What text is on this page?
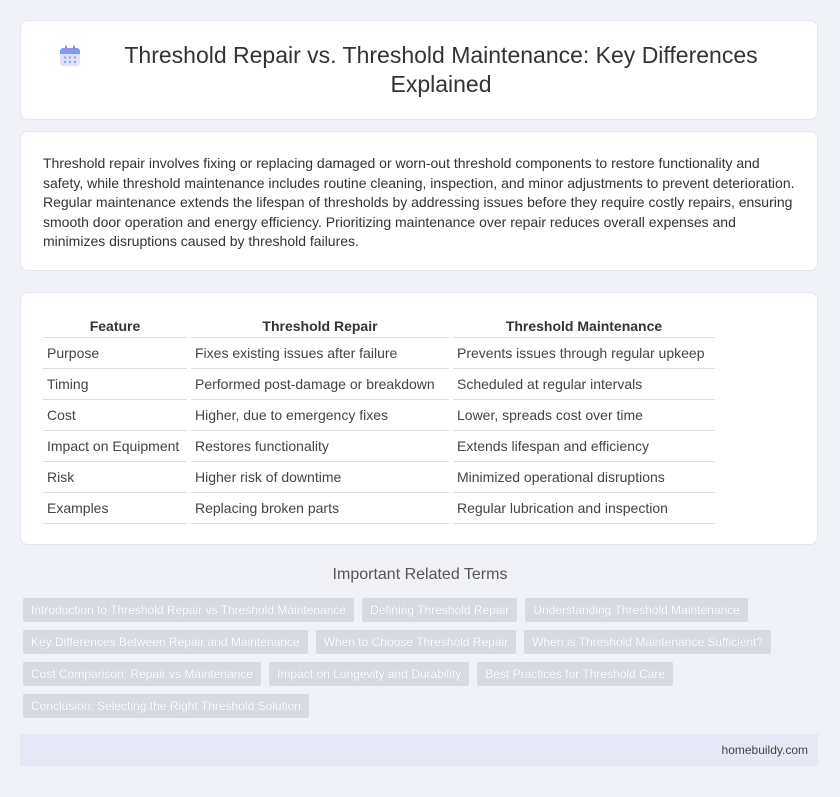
Threshold Repair vs. Threshold Maintenance: Key Differences Explained

Threshold repair involves fixing or replacing damaged or worn-out threshold components to restore functionality and safety, while threshold maintenance includes routine cleaning, inspection, and minor adjustments to prevent deterioration. Regular maintenance extends the lifespan of thresholds by addressing issues before they require costly repairs, ensuring smooth door operation and energy efficiency. Prioritizing maintenance over repair reduces overall expenses and minimizes disruptions caused by threshold failures.

Feature	Threshold Repair	Threshold Maintenance
Purpose	Fixes existing issues after failure	Prevents issues through regular upkeep
Timing	Performed post-damage or breakdown	Scheduled at regular intervals
Cost	Higher, due to emergency fixes	Lower, spreads cost over time
Impact on Equipment	Restores functionality	Extends lifespan and efficiency
Risk	Higher risk of downtime	Minimized operational disruptions
Examples	Replacing broken parts	Regular lubrication and inspection
Important Related Terms
Introduction to Threshold Repair vs Threshold Maintenance	Defining Threshold Repair	Understanding Threshold Maintenance
Key Differences Between Repair and Maintenance	When to Choose Threshold Repair	When is Threshold Maintenance Sufficient?
Cost Comparison: Repair vs Maintenance	Impact on Longevity and Durability	Best Practices for Threshold Care
Conclusion: Selecting the Right Threshold Solution
homebuildy.com
